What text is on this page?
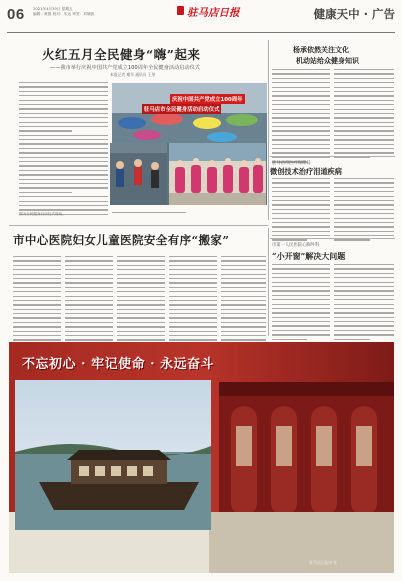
06 2021年4月30日 星期五
编辑：黄胜 校对：朱运 审签：刘晓凯	驻马店日报	健康天中 · 广告
火红五月全民健身“嗨”起来
——我市举行庆祝中国共产党成立100周年全民健身活动启动仪式
本报记者 谢军 通讯员 王坚
庆祝中国共产党成立100周年
驻马店市全民健身活动启动仪式
图为全民健身启动仪式现场。
杨承依然关注文化
机动站给众健身知识
驻马店市医疗保障局
微创技术治疗泪道疾病
市中心医院妇女儿童医院安全有序“搬家”	市第一人民医院心胸外科
“小开窗”解决大问题
不忘初心 · 牢记使命 · 永远奋斗
驻马店日报社宣
